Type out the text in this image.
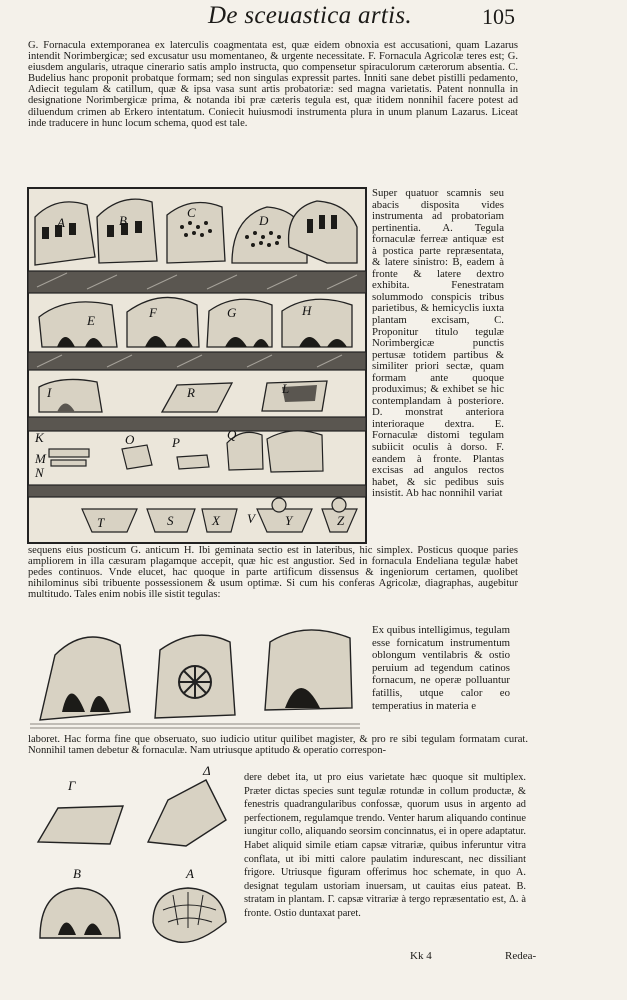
De sceuastica artis.	105

G. Fornacula extemporanea ex laterculis coagmentata est, quæ eidem obnoxia est accusationi, quam Lazarus intendit Norimbergicæ; sed excusatur usu momentaneo, & urgente necessitate. F. Fornacula Agricolæ teres est; G. eiusdem angularis, utraque cinerario satis amplo instructa, quo compensetur spiraculorum cæterorum absentia. C. Budelius hanc proponit probatque formam; sed non singulas expressit partes. Inniti sane debet pistilli pedamento, Adiecit tegulam & catillum, quæ & ipsa vasa sunt artis probatoriæ: sed magna varietatis. Patent nonnulla in designatione Norimbergicæ prima, & notanda ibi præ cæteris tegula est, quæ itidem nonnihil facere potest ad diluendum crimen ab Erkero intentatum. Coniecit huiusmodi instrumenta plura in unum planum Lazarus. Liceat inde traducere in hunc locum schema, quod est tale.

A	B
C
D
E
F	G	H
I
K
R	L
O	P
Q
M
N
T	S	X V Y	Z

Super quatuor scamnis seu abacis disposita vides instrumenta ad probatoriam pertinentia. A. Tegula fornaculæ ferreæ antiquæ est à postica parte repræsentata, & latere sinistro: B, eadem à fronte & latere dextro exhibita. Fenestratam solummodo conspicis tribus parietibus, & hemicyclis iuxta plantam excisam, C. Proponitur titulo tegulæ Norimbergicæ punctis pertusæ totidem partibus & similiter priori sectæ, quam formam ante quoque produximus; & exhibet se hic contemplandam à posteriore. D. monstrat anteriora interioraque dextra. E. Fornaculæ distomi tegulam subiicit oculis à dorso. F. eandem à fronte. Plantas excisas ad angulos rectos habet, & sic pedibus suis insistit. Ab hac nonnihil variat

sequens eius posticum G. anticum H. Ibi geminata sectio est in lateribus, hic simplex. Posticus quoque paries ampliorem in illa cæsuram plagamque accepit, quæ hic est angustior. Sed in fornacula Endeliana tegulæ habet pedes continuos. Vnde elucet, hac quoque in parte artificum dissensus & ingeniorum certamen, quolibet nihilominus sibi tribuente possessionem & usum optimæ. Si cum his conferas Agricolæ, diagraphas, augebitur multitudo. Tales enim nobis ille sistit tegulas:

Ex quibus intelligimus, tegulam esse fornicatum instrumentum oblongum ventilabris & ostio peruium ad tegendum catinos fornacum, ne operæ polluantur fatillis, utque calor eo temperatius in materia e

laboret. Hac forma fine que obseruato, suo iudicio utitur quilibet magister, & pro re sibi tegulam formatam curat. Nonnihil tamen debetur & fornaculæ. Nam utriusque aptitudo & operatio correspon-

Γ
Δ
B	A

dere debet ita, ut pro eius varietate hæc quoque sit multiplex. Præter dictas species sunt tegulæ rotundæ in collum productæ, & fenestris quadrangularibus confossæ, quorum usus in argento ad perfectionem, regulamque trendo. Venter harum aliquando continue iungitur collo, aliquando seorsim concinnatus, ei in opere adaptatur. Habet aliquid simile etiam capsæ vitrariæ, quibus inferuntur vitra conflata, ut ibi mitti calore paulatim indurescant, nec dissiliant frigore. Utriusque figuram offerimus hoc schemate, in quo A. designat tegulam ustoriam inuersam, ut cauitas eius pateat. B. stratam in plantam. Γ. capsæ vitrariæ à tergo repræsentatio est, Δ. à fronte. Ostio duntaxat paret.

Kk 4	Redea-
